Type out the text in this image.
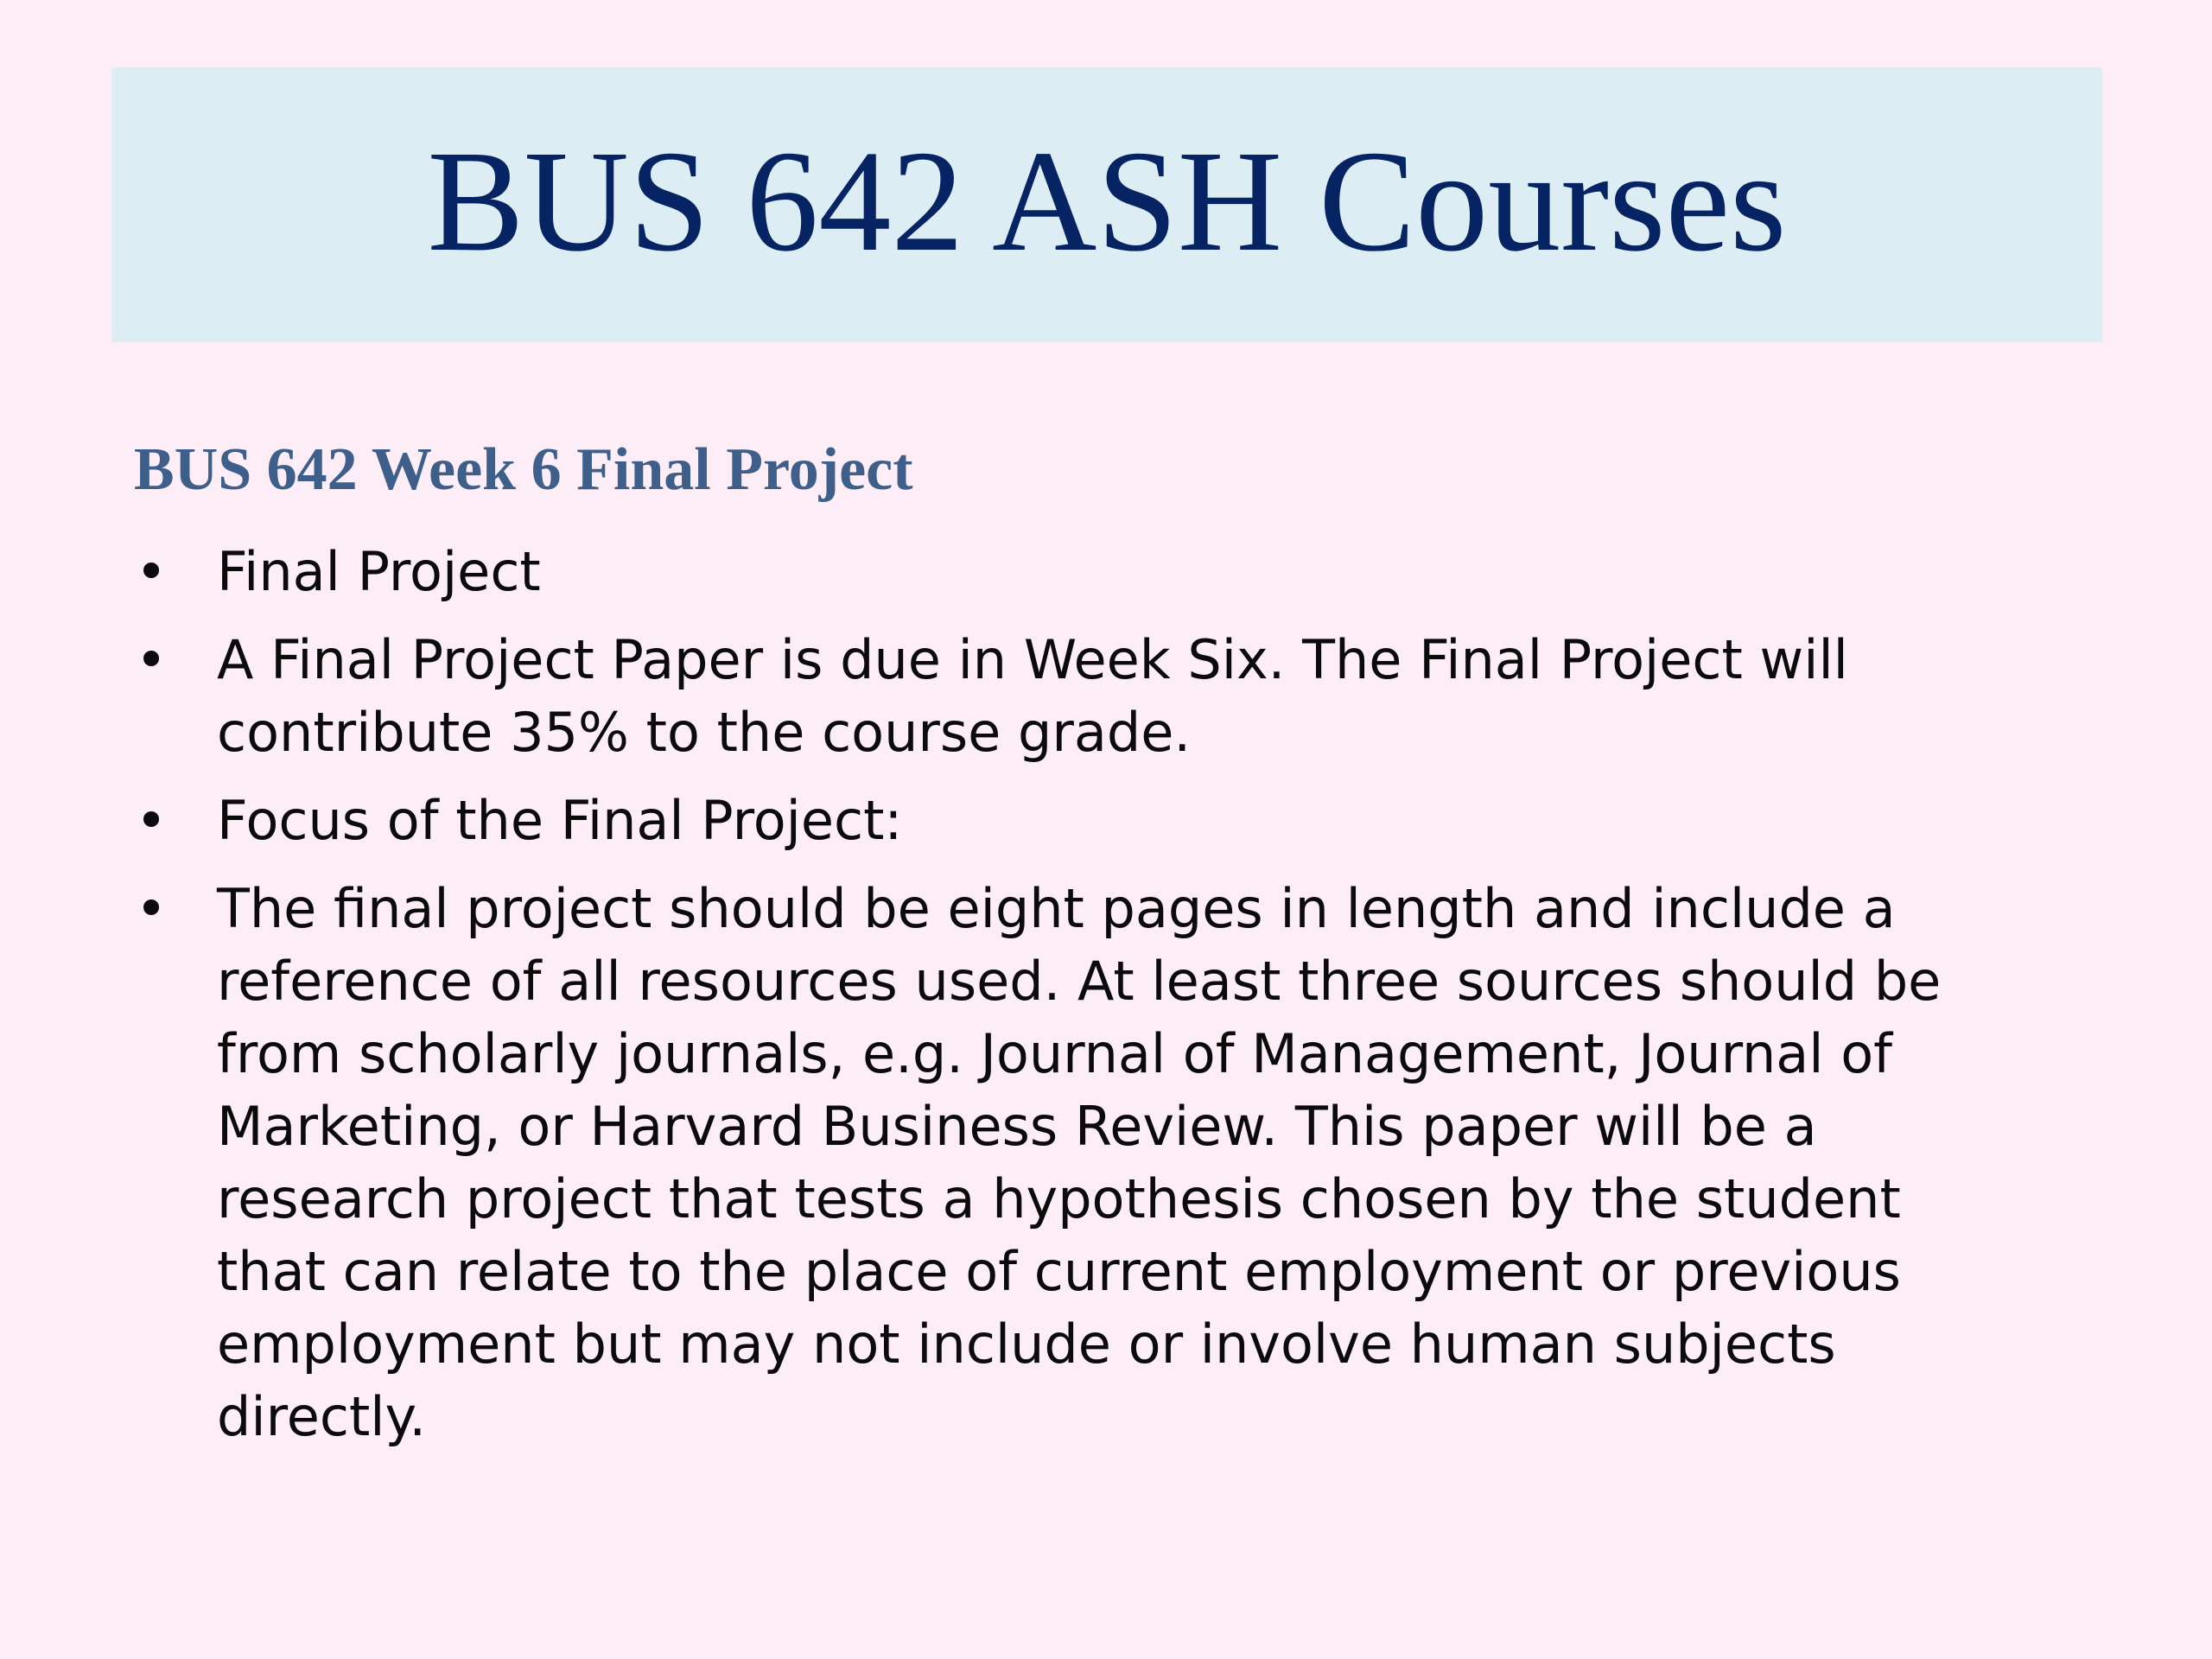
BUS 642 ASH Courses
BUS 642 Week 6 Final Project
• Final Project
• A Final Project Paper is due in Week Six. The Final Project will contribute 35% to the course grade.
• Focus of the Final Project:
• The final project should be eight pages in length and include a reference of all resources used. At least three sources should be from scholarly journals, e.g. Journal of Management, Journal of Marketing, or Harvard Business Review. This paper will be a research project that tests a hypothesis chosen by the student that can relate to the place of current employment or previous employment but may not include or involve human subjects directly.
